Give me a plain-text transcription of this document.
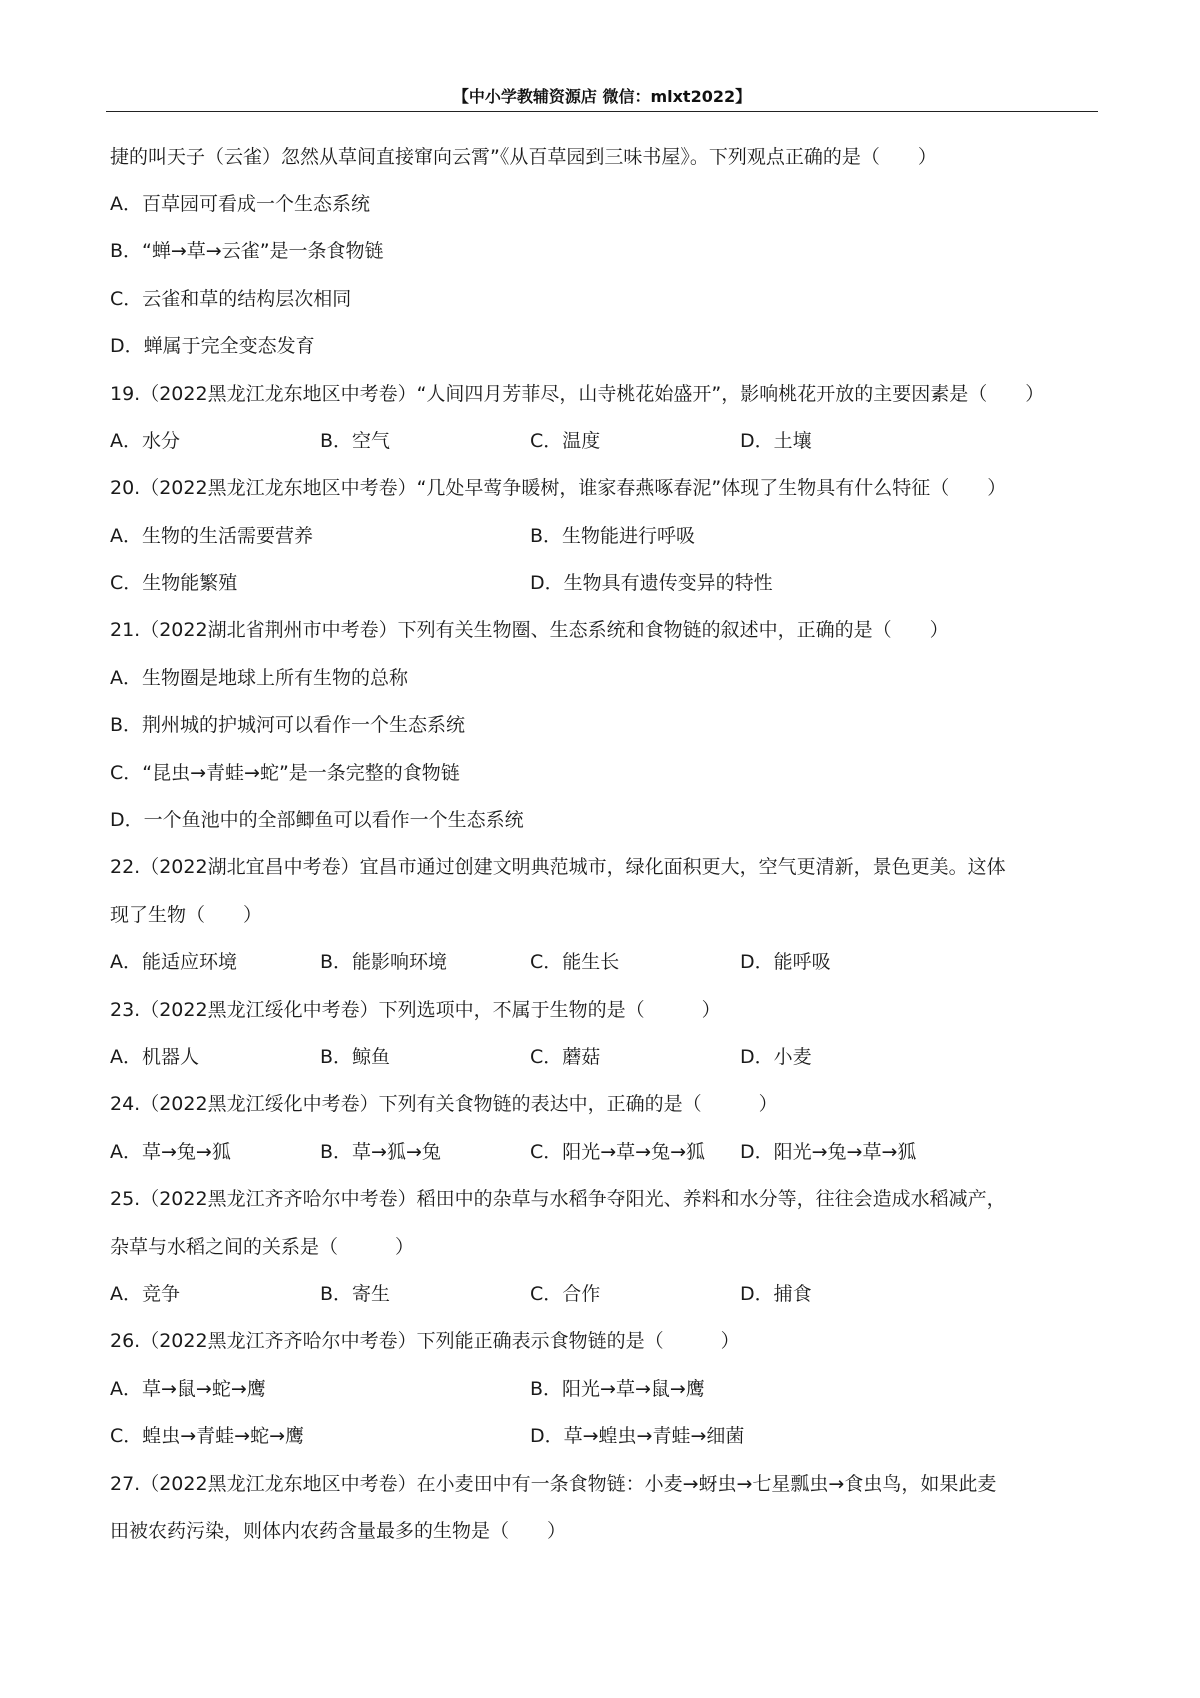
【中小学教辅资源店 微信：mlxt2022】
捷的叫天子（云雀）忽然从草间直接窜向云霄”《从百草园到三味书屋》。下列观点正确的是（　　）
A．百草园可看成一个生态系统
B．“蝉→草→云雀”是一条食物链
C．云雀和草的结构层次相同
D．蝉属于完全变态发育
19.（2022黑龙江龙东地区中考卷）“人间四月芳菲尽，山寺桃花始盛开”，影响桃花开放的主要因素是（　　）
A．水分	B．空气	C．温度	D．土壤
20.（2022黑龙江龙东地区中考卷）“几处早莺争暖树，谁家春燕啄春泥”体现了生物具有什么特征（　　）
A．生物的生活需要营养	B．生物能进行呼吸
C．生物能繁殖	D．生物具有遗传变异的特性
21.（2022湖北省荆州市中考卷）下列有关生物圈、生态系统和食物链的叙述中，正确的是（　　）
A．生物圈是地球上所有生物的总称
B．荆州城的护城河可以看作一个生态系统
C．“昆虫→青蛙→蛇”是一条完整的食物链
D．一个鱼池中的全部鲫鱼可以看作一个生态系统
22.（2022湖北宜昌中考卷）宜昌市通过创建文明典范城市，绿化面积更大，空气更清新，景色更美。这体
现了生物（　　）
A．能适应环境	B．能影响环境	C．能生长	D．能呼吸
23.（2022黑龙江绥化中考卷）下列选项中，不属于生物的是（　　　）
A．机器人	B．鲸鱼	C．蘑菇	D．小麦
24.（2022黑龙江绥化中考卷）下列有关食物链的表达中，正确的是（　　　）
A．草→兔→狐	B．草→狐→兔	C．阳光→草→兔→狐 D．阳光→兔→草→狐
25.（2022黑龙江齐齐哈尔中考卷）稻田中的杂草与水稻争夺阳光、养料和水分等，往往会造成水稻减产，
杂草与水稻之间的关系是（　　　）
A．竞争	B．寄生	C．合作	D．捕食
26.（2022黑龙江齐齐哈尔中考卷）下列能正确表示食物链的是（　　　）
A．草→鼠→蛇→鹰	B．阳光→草→鼠→鹰
C．蝗虫→青蛙→蛇→鹰	D．草→蝗虫→青蛙→细菌
27.（2022黑龙江龙东地区中考卷）在小麦田中有一条食物链：小麦→蚜虫→七星瓢虫→食虫鸟，如果此麦
田被农药污染，则体内农药含量最多的生物是（　　）
